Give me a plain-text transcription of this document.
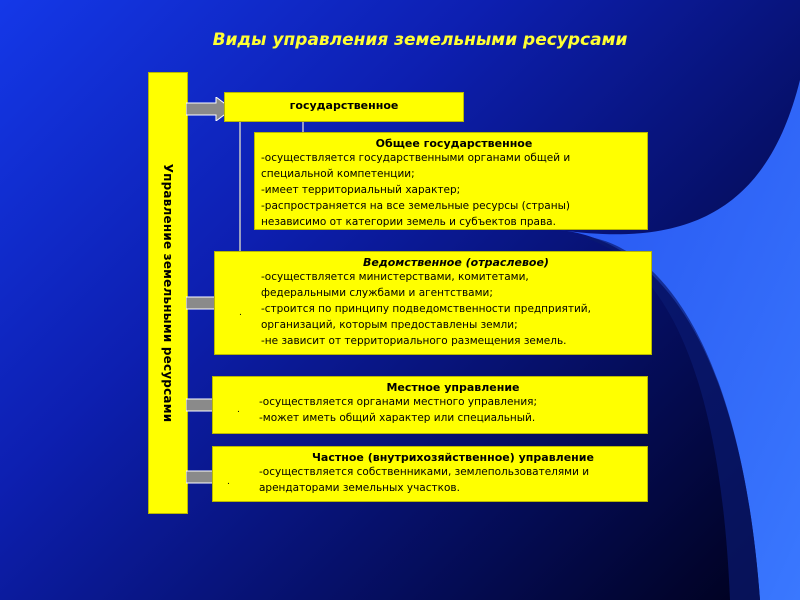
Виды управления земельными ресурсами
Управление земельными ресурсами
государственное
Общее государственное
-осуществляется государственными органами общей и
специальной компетенции;
-имеет территориальный характер;
-распространяется на все земельные ресурсы (страны)
независимо от категории земель и субъектов права.
Ведомственное (отраслевое)
-осуществляется министерствами, комитетами,
федеральными службами и агентствами;
-строится по принципу подведомственности предприятий,
организаций, которым предоставлены земли;
-не зависит от территориального размещения земель.
.
Местное управление
-осуществляется органами местного управления;
-может иметь общий характер или специальный.
.
Частное (внутрихозяйственное) управление
-осуществляется собственниками, землепользователями и
арендаторами земельных участков.
.
